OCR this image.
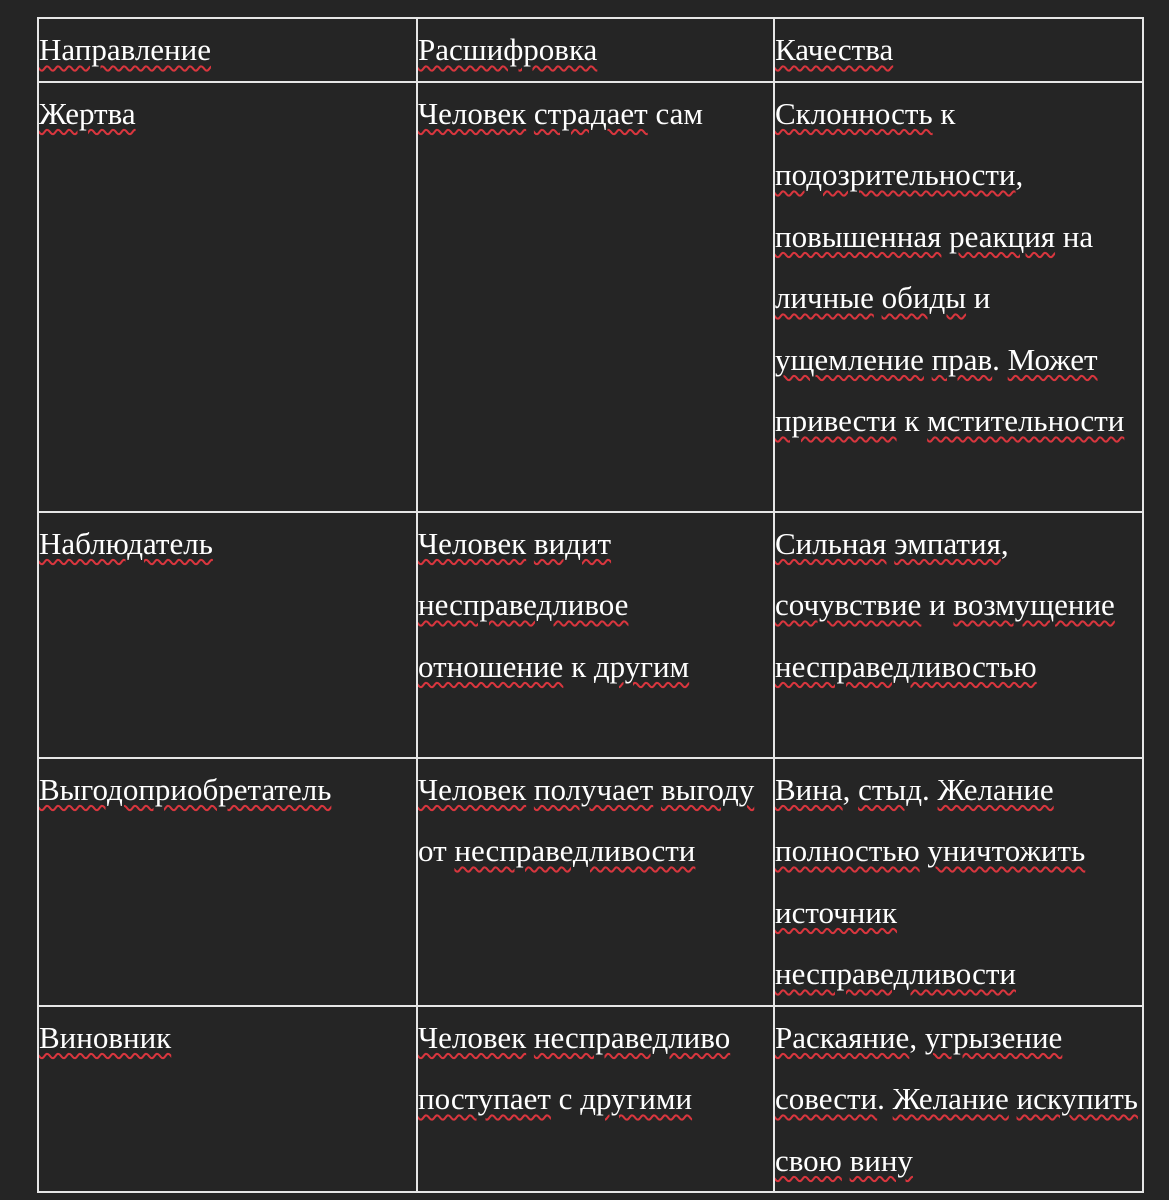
Направление	Расшифровка	Качества

Жертва	Человек страдает сам	Склонность к подозрительности, повышенная реакция на личные обиды и ущемление прав. Может привести к мстительности

Наблюдатель	Человек видит несправедливое отношение к другим	Сильная эмпатия, сочувствие и возмущение несправедливостью

Выгодоприобретатель	Человек получает выгоду от несправедливости	Вина, стыд. Желание полностью уничтожить источник несправедливости

Виновник	Человек несправедливо поступает с другими	Раскаяние, угрызение совести. Желание искупить свою вину
